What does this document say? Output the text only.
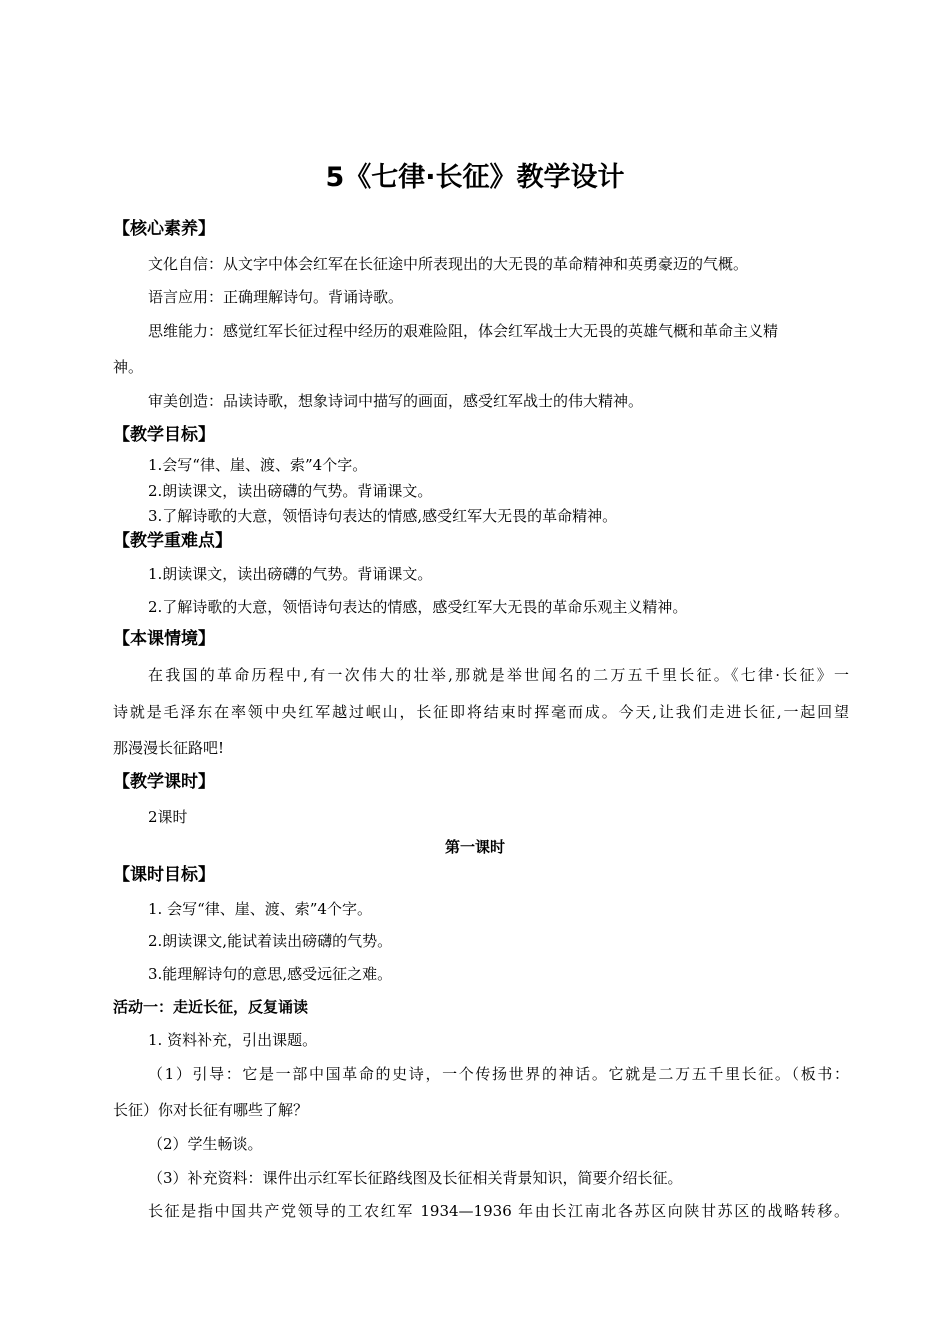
5《七律·长征》教学设计
【核心素养】
文化自信：从文字中体会红军在长征途中所表现出的大无畏的革命精神和英勇豪迈的气概。
语言应用：正确理解诗句。背诵诗歌。
思维能力：感觉红军长征过程中经历的艰难险阻，体会红军战士大无畏的英雄气概和革命主义精
神。
审美创造：品读诗歌，想象诗词中描写的画面，感受红军战士的伟大精神。
【教学目标】
1.会写“律、崖、渡、索”4个字。
2.朗读课文，读出磅礴的气势。背诵课文。
3.了解诗歌的大意，领悟诗句表达的情感,感受红军大无畏的革命精神。
【教学重难点】
1.朗读课文，读出磅礴的气势。背诵课文。
2.了解诗歌的大意，领悟诗句表达的情感，感受红军大无畏的革命乐观主义精神。
【本课情境】
在我国的革命历程中,有一次伟大的壮举,那就是举世闻名的二万五千里长征。《七律·长征》一
诗就是毛泽东在率领中央红军越过岷山，长征即将结束时挥毫而成。今天,让我们走进长征,一起回望
那漫漫长征路吧!
【教学课时】
2课时
第一课时
【课时目标】
1. 会写“律、崖、渡、索”4个字。
2.朗读课文,能试着读出磅礴的气势。
3.能理解诗句的意思,感受远征之难。
活动一：走近长征，反复诵读
1. 资料补充，引出课题。
（1）引导：它是一部中国革命的史诗，一个传扬世界的神话。它就是二万五千里长征。（板书：
长征）你对长征有哪些了解？
（2）学生畅谈。
（3）补充资料：课件出示红军长征路线图及长征相关背景知识，简要介绍长征。
长征是指中国共产党领导的工农红军 1934—1936 年由长江南北各苏区向陕甘苏区的战略转移。
